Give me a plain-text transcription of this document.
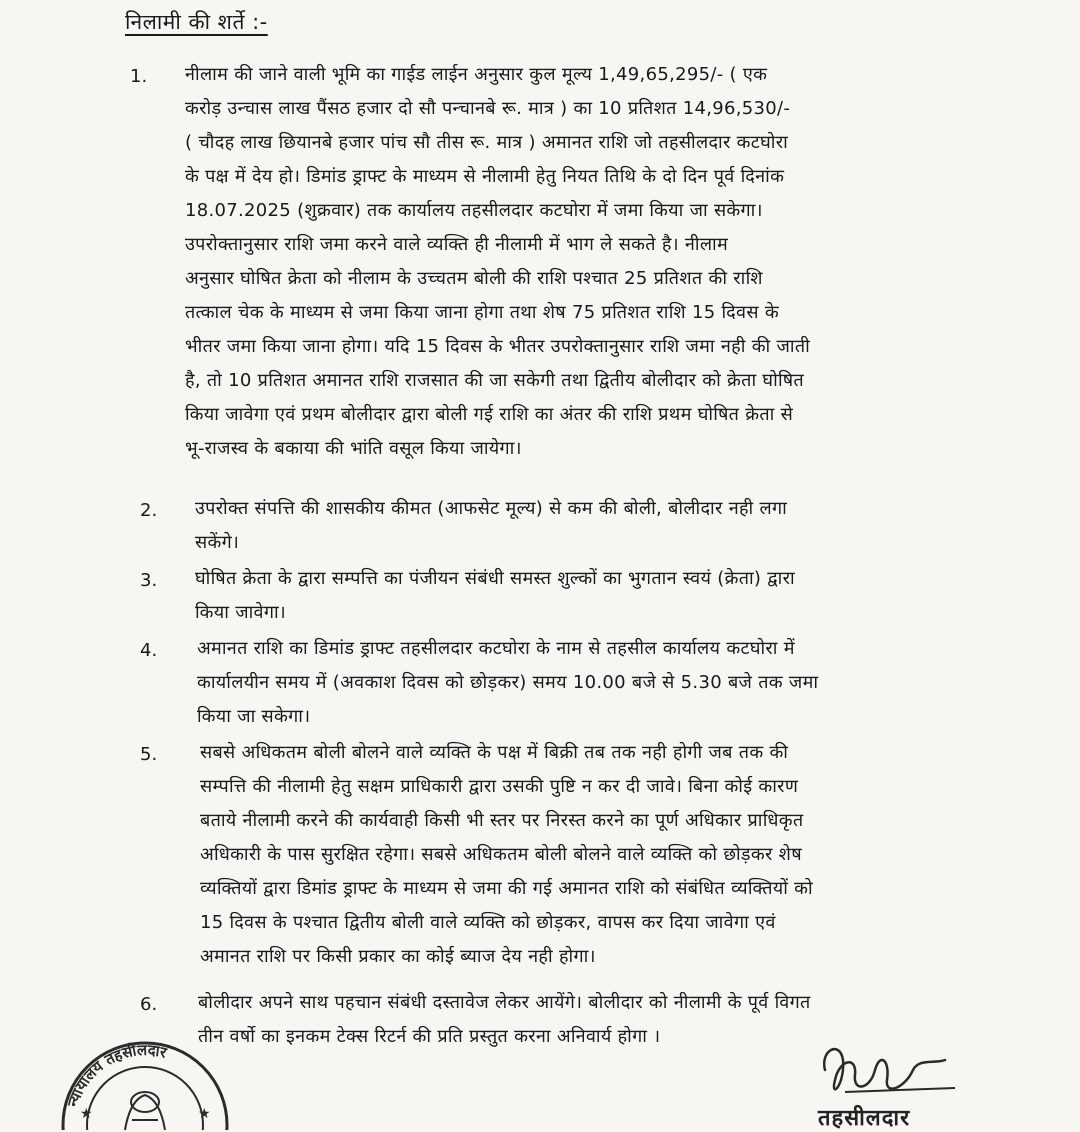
निलामी की शर्ते :-
1. नीलाम की जाने वाली भूमि का गाईड लाईन अनुसार कुल मूल्य 1,49,65,295/- ( एक
करोड़ उन्चास लाख पैंसठ हजार दो सौ पन्चानबे रू. मात्र ) का 10 प्रतिशत 14,96,530/-
( चौदह लाख छियानबे हजार पांच सौ तीस रू. मात्र ) अमानत राशि जो तहसीलदार कटघोरा
के पक्ष में देय हो। डिमांड ड्राफ्ट के माध्यम से नीलामी हेतु नियत तिथि के दो दिन पूर्व दिनांक
18.07.2025 (शुक्रवार) तक कार्यालय तहसीलदार कटघोरा में जमा किया जा सकेगा।
उपरोक्तानुसार राशि जमा करने वाले व्यक्ति ही नीलामी में भाग ले सकते है। नीलाम
अनुसार घोषित क्रेता को नीलाम के उच्चतम बोली की राशि पश्चात 25 प्रतिशत की राशि
तत्काल चेक के माध्यम से जमा किया जाना होगा तथा शेष 75 प्रतिशत राशि 15 दिवस के
भीतर जमा किया जाना होगा। यदि 15 दिवस के भीतर उपरोक्तानुसार राशि जमा नही की जाती
है, तो 10 प्रतिशत अमानत राशि राजसात की जा सकेगी तथा द्वितीय बोलीदार को क्रेता घोषित
किया जावेगा एवं प्रथम बोलीदार द्वारा बोली गई राशि का अंतर की राशि प्रथम घोषित क्रेता से
भू-राजस्व के बकाया की भांति वसूल किया जायेगा।
2. उपरोक्त संपत्ति की शासकीय कीमत (आफसेट मूल्य) से कम की बोली, बोलीदार नही लगा
सकेंगे।
3. घोषित क्रेता के द्वारा सम्पत्ति का पंजीयन संबंधी समस्त शुल्कों का भुगतान स्वयं (क्रेता) द्वारा
किया जावेगा।
4. अमानत राशि का डिमांड ड्राफ्ट तहसीलदार कटघोरा के नाम से तहसील कार्यालय कटघोरा में
कार्यालयीन समय में (अवकाश दिवस को छोड़कर) समय 10.00 बजे से 5.30 बजे तक जमा
किया जा सकेगा।
5. सबसे अधिकतम बोली बोलने वाले व्यक्ति के पक्ष में बिक्री तब तक नही होगी जब तक की
सम्पत्ति की नीलामी हेतु सक्षम प्राधिकारी द्वारा उसकी पुष्टि न कर दी जावे। बिना कोई कारण
बताये नीलामी करने की कार्यवाही किसी भी स्तर पर निरस्त करने का पूर्ण अधिकार प्राधिकृत
अधिकारी के पास सुरक्षित रहेगा। सबसे अधिकतम बोली बोलने वाले व्यक्ति को छोड़कर शेष
व्यक्तियों द्वारा डिमांड ड्राफ्ट के माध्यम से जमा की गई अमानत राशि को संबंधित व्यक्तियों को
15 दिवस के पश्चात द्वितीय बोली वाले व्यक्ति को छोड़कर, वापस कर दिया जावेगा एवं
अमानत राशि पर किसी प्रकार का कोई ब्याज देय नही होगा।
6. बोलीदार अपने साथ पहचान संबंधी दस्तावेज लेकर आयेंगे। बोलीदार को नीलामी के पूर्व विगत
तीन वर्षो का इनकम टेक्स रिटर्न की प्रति प्रस्तुत करना अनिवार्य होगा ।
न्यायालय तहसीलदार
★	★	तहसीलदार
